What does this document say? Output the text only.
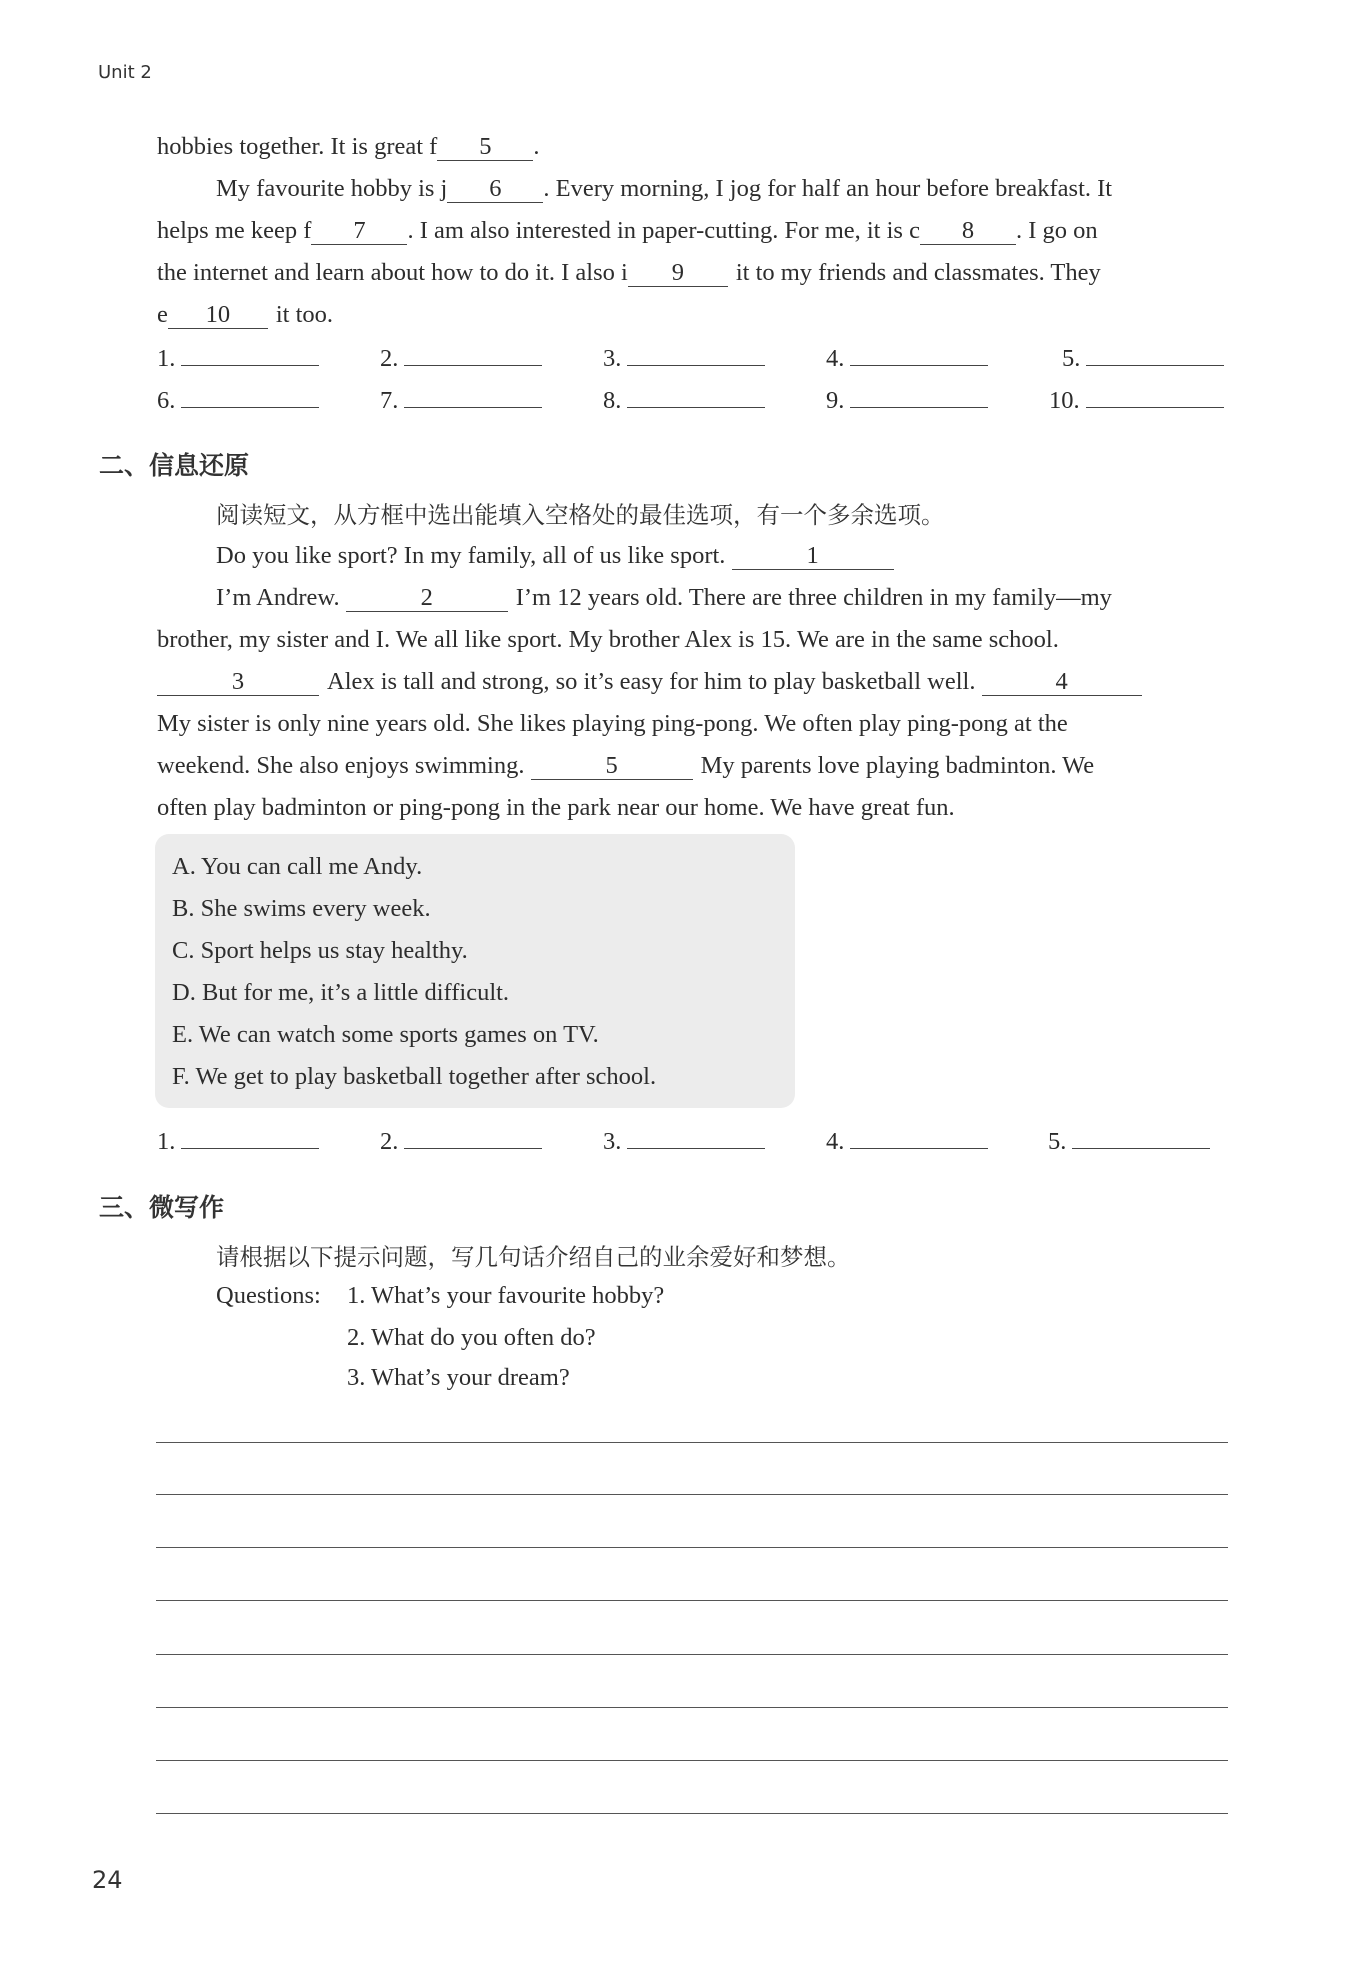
Unit 2
hobbies together. It is great f 5 .
My favourite hobby is j 6 . Every morning, I jog for half an hour before breakfast. It
helps me keep f 7 . I am also interested in paper-cutting. For me, it is c 8 . I go on
the internet and learn about how to do it. I also i 9 it to my friends and classmates. They
e 10 it too.
1.	2.	3.	4.	5.
6.	7.	8.	9.	10.
二、信息还原
阅读短文，从方框中选出能填入空格处的最佳选项，有一个多余选项。
Do you like sport? In my family, all of us like sport.	1
I’m Andrew.	2	I’m 12 years old. There are three children in my family—my
brother, my sister and I. We all like sport. My brother Alex is 15. We are in the same school.
3	Alex is tall and strong, so it’s easy for him to play basketball well.	4
My sister is only nine years old. She likes playing ping-pong. We often play ping-pong at the
weekend. She also enjoys swimming.	5	My parents love playing badminton. We
often play badminton or ping-pong in the park near our home. We have great fun.
A. You can call me Andy.
B. She swims every week.
C. Sport helps us stay healthy.
D. But for me, it’s a little difficult.
E. We can watch some sports games on TV.
F. We get to play basketball together after school.
1.	2.	3.	4.	5.
三、微写作
请根据以下提示问题，写几句话介绍自己的业余爱好和梦想。
Questions: 1. What’s your favourite hobby?
2. What do you often do?
3. What’s your dream?
24
